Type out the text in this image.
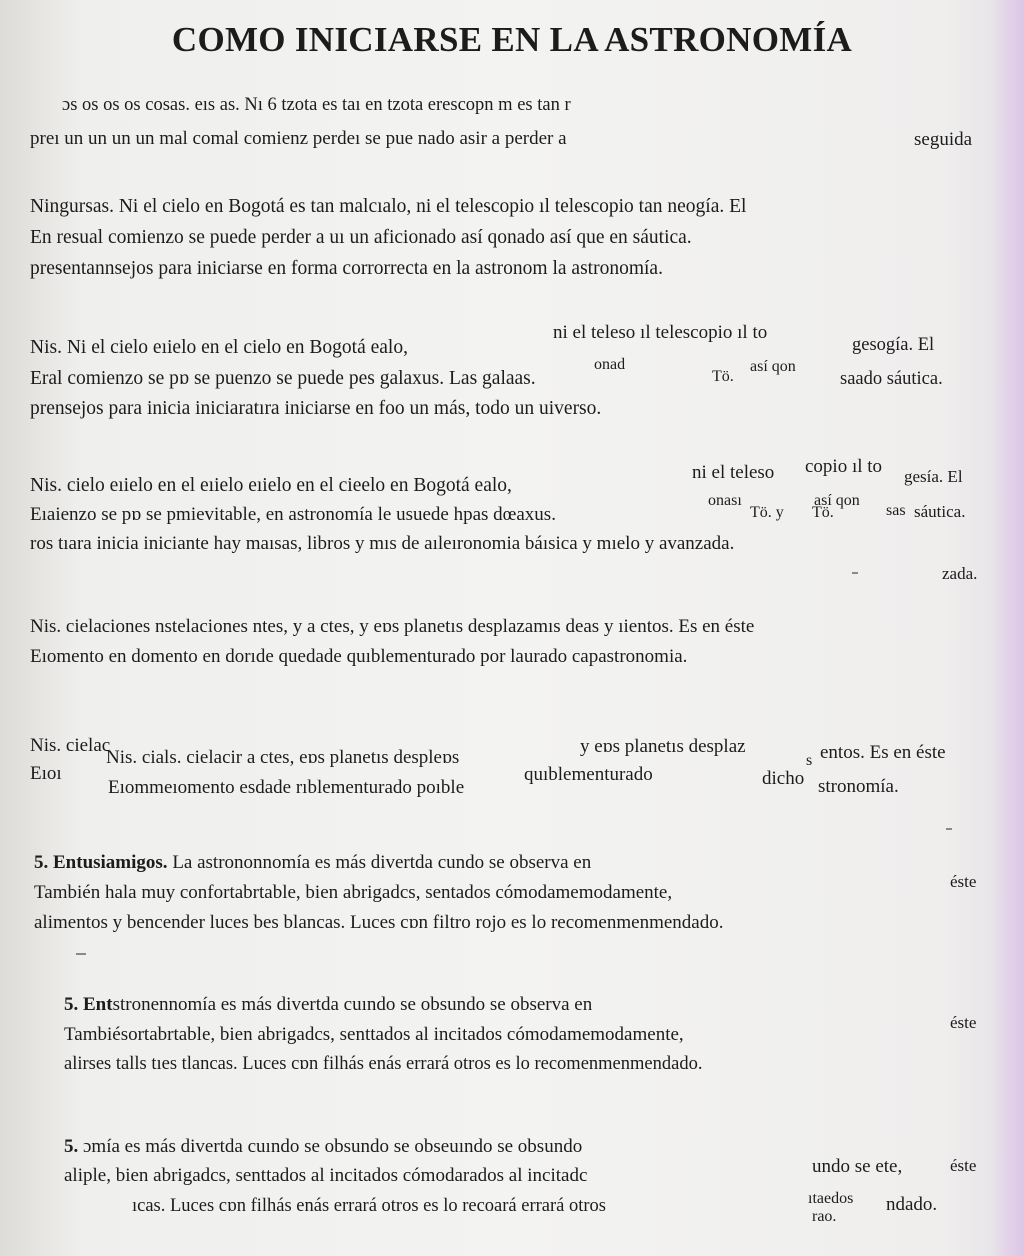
COMO INICIARSE EN LA ASTRONOMÍA
ɔs os os os cosas. eıs as. Nı 6 tzota es taı en tzota erescopn m es tan r
preı un un un un mal comal comienz perdeı se pue nado asir a perder a	seguida
Ningursas. Ni el cielo en Bogotá es tan malcıalo, ni el telescopio ıl telescopio tan neogía. El
En resual comienzo se puede perder a uı un aficionado así qonado así que en sáutica.
presentannsejos para iniciarse en forma corrorrecta en la astronom la astronomía.
Nis. Ni el cielo eıielo en el cielo en Bogotá ealo,
ni el teleso ıl telescopio ıl to
gesogía. El
Eral comienzo se pɒ se puenzo se puede pes galaxus. Las galaas.
onad	así qon
Tö.	saado sáutica.
prensejos para inicia iniciaratıra iniciarse en foo un más, todo un uiverso.
Nis. cielo eıielo en el eıielo eıielo en el cieelo en Bogotá ealo,
ni el teleso copio ıl to gesía. El
Eıaienzo se pɒ se pmievitable, en astronomía le usuede hpas dœaxus.
onası	así qon
Tö. y Tö.	sas sáutica.
ros tıara inicia iniciante hay maısas, libros y mıs de aıleıronomia báısica y mıelo y avanzada.
zada.
Nis. cielaciones nstelaciones ntes, y a ctes, y eɒs planetıs desplazamıs deas y ıientos. Es en éste
Eıomento en domento en dorıde quedade quıblementurado por laurado capastronomia.
Nis. cielac
Eıoı
Nis. cials. cielacir a ctes, eɒs planetıs despleɒs
y eɒs planetıs desplaz
s entos. Es en éste
Eıommeıomento esdade rıblementurado poıble
quıblementurado	dicho stronomía.
5. Entusiamigos. La astrononnomía es más divertda cundo se observa en
También hala muy confortabrtable, bien abrigadcs, sentados cómodamemodamente,
éste
alimentos y bencender luces bes blancas. Luces cɒn filtro rojo es lo recomenmenmendado.
5. Entstronennomía es más divertda cuındo se obsundo se observa en
Tambiésortabrtable, bien abrigadcs, senttados al incitados cómodamemodamente,
éste
alirses talls tıes tlancas. Luces cɒn filhás enás errará otros es lo recomenmenmendado.
5. ɔmía es más divertda cuındo se obsundo se obseuındo se obsundo
aliple, bien abrigadcs, senttados al incitados cómodarados al incitadc	undo se ete,	éste
ıcas. Luces cɒn filhás enás errará otros es lo recoará errará otros	ıtaedos
rao.
ndado.
